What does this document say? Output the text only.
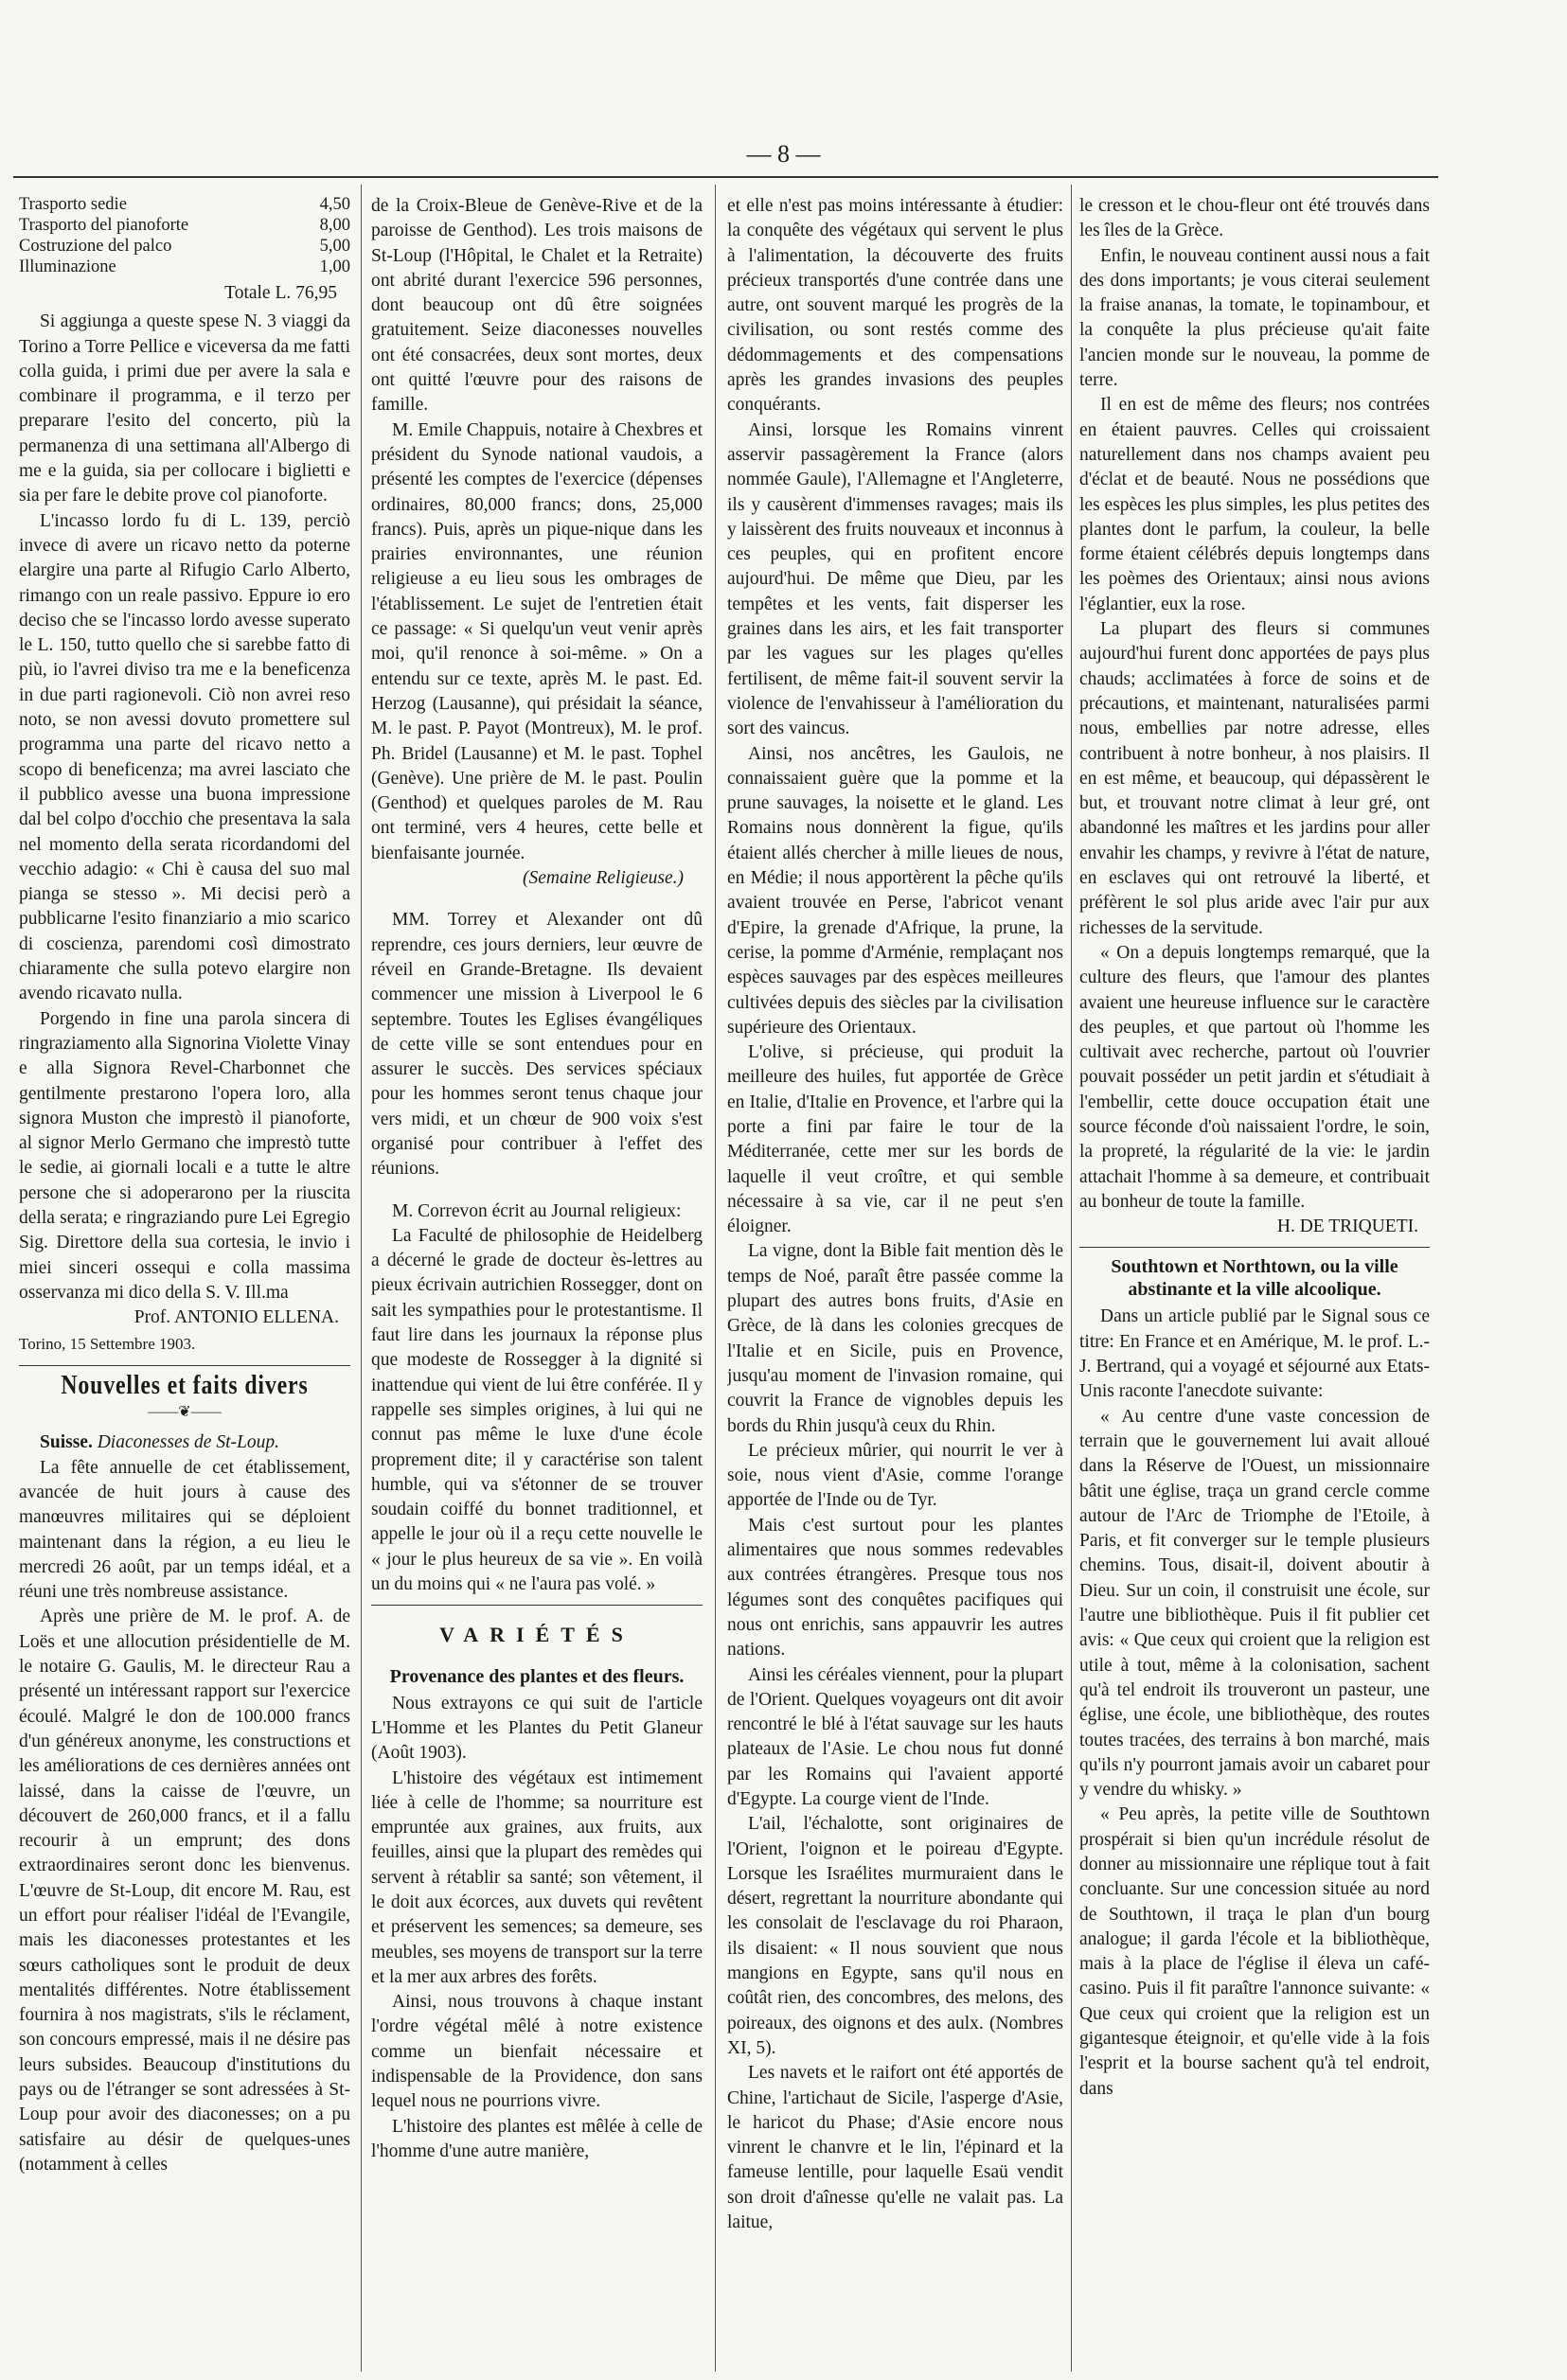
— 8 —
Trasporto sedie	4,50
Trasporto del pianoforte	8,00
Costruzione del palco	5,00
Illuminazione	1,00
Totale L. 76,95

Si aggiunga a queste spese N. 3 viaggi da Torino a Torre Pellice e viceversa da me fatti colla guida, i primi due per avere la sala e combinare il programma, e il terzo per preparare l'esito del concerto, più la permanenza di una settimana all'Albergo di me e la guida, sia per collocare i biglietti e sia per fare le debite prove col pianoforte.

L'incasso lordo fu di L. 139, perciò invece di avere un ricavo netto da poterne elargire una parte al Rifugio Carlo Alberto, rimango con un reale passivo. Eppure io ero deciso che se l'incasso lordo avesse superato le L. 150, tutto quello che si sarebbe fatto di più, io l'avrei diviso tra me e la beneficenza in due parti ragionevoli. Ciò non avrei reso noto, se non avessi dovuto promettere sul programma una parte del ricavo netto a scopo di beneficenza; ma avrei lasciato che il pubblico avesse una buona impressione dal bel colpo d'occhio che presentava la sala nel momento della serata ricordandomi del vecchio adagio: « Chi è causa del suo mal pianga se stesso ». Mi decisi però a pubblicarne l'esito finanziario a mio scarico di coscienza, parendomi così dimostrato chiaramente che sulla potevo elargire non avendo ricavato nulla.

Porgendo in fine una parola sincera di ringraziamento alla Signorina Violette Vinay e alla Signora Revel-Charbonnet che gentilmente prestarono l'opera loro, alla signora Muston che imprestò il pianoforte, al signor Merlo Germano che imprestò tutte le sedie, ai giornali locali e a tutte le altre persone che si adoperarono per la riuscita della serata; e ringraziando pure Lei Egregio Sig. Direttore della sua cortesia, le invio i miei sinceri ossequi e colla massima osservanza mi dico della S. V. Ill.ma

Prof. ANTONIO ELLENA.

Torino, 15 Settembre 1903.

Nouvelles et faits divers
——❦——

Suisse. Diaconesses de St-Loup.

La fête annuelle de cet établissement, avancée de huit jours à cause des manœuvres militaires qui se déploient maintenant dans la région, a eu lieu le mercredi 26 août, par un temps idéal, et a réuni une très nombreuse assistance.

Après une prière de M. le prof. A. de Loës et une allocution présidentielle de M. le notaire G. Gaulis, M. le directeur Rau a présenté un intéressant rapport sur l'exercice écoulé. Malgré le don de 100.000 francs d'un généreux anonyme, les constructions et les améliorations de ces dernières années ont laissé, dans la caisse de l'œuvre, un découvert de 260,000 francs, et il a fallu recourir à un emprunt; des dons extraordinaires seront donc les bienvenus. L'œuvre de St-Loup, dit encore M. Rau, est un effort pour réaliser l'idéal de l'Evangile, mais les diaconesses protestantes et les sœurs catholiques sont le produit de deux mentalités différentes. Notre établissement fournira à nos magistrats, s'ils le réclament, son concours empressé, mais il ne désire pas leurs subsides. Beaucoup d'institutions du pays ou de l'étranger se sont adressées à St-Loup pour avoir des diaconesses; on a pu satisfaire au désir de quelques-unes (notamment à celles

de la Croix-Bleue de Genève-Rive et de la paroisse de Genthod). Les trois maisons de St-Loup (l'Hôpital, le Chalet et la Retraite) ont abrité durant l'exercice 596 personnes, dont beaucoup ont dû être soignées gratuitement. Seize diaconesses nouvelles ont été consacrées, deux sont mortes, deux ont quitté l'œuvre pour des raisons de famille.

M. Emile Chappuis, notaire à Chexbres et président du Synode national vaudois, a présenté les comptes de l'exercice (dépenses ordinaires, 80,000 francs; dons, 25,000 francs). Puis, après un pique-nique dans les prairies environnantes, une réunion religieuse a eu lieu sous les ombrages de l'établissement. Le sujet de l'entretien était ce passage: « Si quelqu'un veut venir après moi, qu'il renonce à soi-même. » On a entendu sur ce texte, après M. le past. Ed. Herzog (Lausanne), qui présidait la séance, M. le past. P. Payot (Montreux), M. le prof. Ph. Bridel (Lausanne) et M. le past. Tophel (Genève). Une prière de M. le past. Poulin (Genthod) et quelques paroles de M. Rau ont terminé, vers 4 heures, cette belle et bienfaisante journée.

(Semaine Religieuse.)

MM. Torrey et Alexander ont dû reprendre, ces jours derniers, leur œuvre de réveil en Grande-Bretagne. Ils devaient commencer une mission à Liverpool le 6 septembre. Toutes les Eglises évangéliques de cette ville se sont entendues pour en assurer le succès. Des services spéciaux pour les hommes seront tenus chaque jour vers midi, et un chœur de 900 voix s'est organisé pour contribuer à l'effet des réunions.

M. Correvon écrit au Journal religieux:

La Faculté de philosophie de Heidelberg a décerné le grade de docteur ès-lettres au pieux écrivain autrichien Rossegger, dont on sait les sympathies pour le protestantisme. Il faut lire dans les journaux la réponse plus que modeste de Rossegger à la dignité si inattendue qui vient de lui être conférée. Il y rappelle ses simples origines, à lui qui ne connut pas même le luxe d'une école proprement dite; il y caractérise son talent humble, qui va s'étonner de se trouver soudain coiffé du bonnet traditionnel, et appelle le jour où il a reçu cette nouvelle le « jour le plus heureux de sa vie ». En voilà un du moins qui « ne l'aura pas volé. »

VARIÉTÉS
Provenance des plantes et des fleurs.

Nous extrayons ce qui suit de l'article L'Homme et les Plantes du Petit Glaneur (Août 1903).

L'histoire des végétaux est intimement liée à celle de l'homme; sa nourriture est empruntée aux graines, aux fruits, aux feuilles, ainsi que la plupart des remèdes qui servent à rétablir sa santé; son vêtement, il le doit aux écorces, aux duvets qui revêtent et préservent les semences; sa demeure, ses meubles, ses moyens de transport sur la terre et la mer aux arbres des forêts.

Ainsi, nous trouvons à chaque instant l'ordre végétal mêlé à notre existence comme un bienfait nécessaire et indispensable de la Providence, don sans lequel nous ne pourrions vivre.

L'histoire des plantes est mêlée à celle de l'homme d'une autre manière,

et elle n'est pas moins intéressante à étudier: la conquête des végétaux qui servent le plus à l'alimentation, la découverte des fruits précieux transportés d'une contrée dans une autre, ont souvent marqué les progrès de la civilisation, ou sont restés comme des dédommagements et des compensations après les grandes invasions des peuples conquérants.

Ainsi, lorsque les Romains vinrent asservir passagèrement la France (alors nommée Gaule), l'Allemagne et l'Angleterre, ils y causèrent d'immenses ravages; mais ils y laissèrent des fruits nouveaux et inconnus à ces peuples, qui en profitent encore aujourd'hui. De même que Dieu, par les tempêtes et les vents, fait disperser les graines dans les airs, et les fait transporter par les vagues sur les plages qu'elles fertilisent, de même fait-il souvent servir la violence de l'envahisseur à l'amélioration du sort des vaincus.

Ainsi, nos ancêtres, les Gaulois, ne connaissaient guère que la pomme et la prune sauvages, la noisette et le gland. Les Romains nous donnèrent la figue, qu'ils étaient allés chercher à mille lieues de nous, en Médie; il nous apportèrent la pêche qu'ils avaient trouvée en Perse, l'abricot venant d'Epire, la grenade d'Afrique, la prune, la cerise, la pomme d'Arménie, remplaçant nos espèces sauvages par des espèces meilleures cultivées depuis des siècles par la civilisation supérieure des Orientaux.

L'olive, si précieuse, qui produit la meilleure des huiles, fut apportée de Grèce en Italie, d'Italie en Provence, et l'arbre qui la porte a fini par faire le tour de la Méditerranée, cette mer sur les bords de laquelle il veut croître, et qui semble nécessaire à sa vie, car il ne peut s'en éloigner.

La vigne, dont la Bible fait mention dès le temps de Noé, paraît être passée comme la plupart des autres bons fruits, d'Asie en Grèce, de là dans les colonies grecques de l'Italie et en Sicile, puis en Provence, jusqu'au moment de l'invasion romaine, qui couvrit la France de vignobles depuis les bords du Rhin jusqu'à ceux du Rhin.

Le précieux mûrier, qui nourrit le ver à soie, nous vient d'Asie, comme l'orange apportée de l'Inde ou de Tyr.

Mais c'est surtout pour les plantes alimentaires que nous sommes redevables aux contrées étrangères. Presque tous nos légumes sont des conquêtes pacifiques qui nous ont enrichis, sans appauvrir les autres nations.

Ainsi les céréales viennent, pour la plupart de l'Orient. Quelques voyageurs ont dit avoir rencontré le blé à l'état sauvage sur les hauts plateaux de l'Asie. Le chou nous fut donné par les Romains qui l'avaient apporté d'Egypte. La courge vient de l'Inde.

L'ail, l'échalotte, sont originaires de l'Orient, l'oignon et le poireau d'Egypte. Lorsque les Israélites murmuraient dans le désert, regrettant la nourriture abondante qui les consolait de l'esclavage du roi Pharaon, ils disaient: « Il nous souvient que nous mangions en Egypte, sans qu'il nous en coûtât rien, des concombres, des melons, des poireaux, des oignons et des aulx. (Nombres XI, 5).

Les navets et le raifort ont été apportés de Chine, l'artichaut de Sicile, l'asperge d'Asie, le haricot du Phase; d'Asie encore nous vinrent le chanvre et le lin, l'épinard et la fameuse lentille, pour laquelle Esaü vendit son droit d'aînesse qu'elle ne valait pas. La laitue,

le cresson et le chou-fleur ont été trouvés dans les îles de la Grèce.

Enfin, le nouveau continent aussi nous a fait des dons importants; je vous citerai seulement la fraise ananas, la tomate, le topinambour, et la conquête la plus précieuse qu'ait faite l'ancien monde sur le nouveau, la pomme de terre.

Il en est de même des fleurs; nos contrées en étaient pauvres. Celles qui croissaient naturellement dans nos champs avaient peu d'éclat et de beauté. Nous ne possédions que les espèces les plus simples, les plus petites des plantes dont le parfum, la couleur, la belle forme étaient célébrés depuis longtemps dans les poèmes des Orientaux; ainsi nous avions l'églantier, eux la rose.

La plupart des fleurs si communes aujourd'hui furent donc apportées de pays plus chauds; acclimatées à force de soins et de précautions, et maintenant, naturalisées parmi nous, embellies par notre adresse, elles contribuent à notre bonheur, à nos plaisirs. Il en est même, et beaucoup, qui dépassèrent le but, et trouvant notre climat à leur gré, ont abandonné les maîtres et les jardins pour aller envahir les champs, y revivre à l'état de nature, en esclaves qui ont retrouvé la liberté, et préfèrent le sol plus aride avec l'air pur aux richesses de la servitude.

« On a depuis longtemps remarqué, que la culture des fleurs, que l'amour des plantes avaient une heureuse influence sur le caractère des peuples, et que partout où l'homme les cultivait avec recherche, partout où l'ouvrier pouvait posséder un petit jardin et s'étudiait à l'embellir, cette douce occupation était une source féconde d'où naissaient l'ordre, le soin, la propreté, la régularité de la vie: le jardin attachait l'homme à sa demeure, et contribuait au bonheur de toute la famille.

H. DE TRIQUETI.
Southtown et Northtown, ou la ville abstinante et la ville alcoolique.

Dans un article publié par le Signal sous ce titre: En France et en Amérique, M. le prof. L.-J. Bertrand, qui a voyagé et séjourné aux Etats-Unis raconte l'anecdote suivante:

« Au centre d'une vaste concession de terrain que le gouvernement lui avait alloué dans la Réserve de l'Ouest, un missionnaire bâtit une église, traça un grand cercle comme autour de l'Arc de Triomphe de l'Etoile, à Paris, et fit converger sur le temple plusieurs chemins. Tous, disait-il, doivent aboutir à Dieu. Sur un coin, il construisit une école, sur l'autre une bibliothèque. Puis il fit publier cet avis: « Que ceux qui croient que la religion est utile à tout, même à la colonisation, sachent qu'à tel endroit ils trouveront un pasteur, une église, une école, une bibliothèque, des routes toutes tracées, des terrains à bon marché, mais qu'ils n'y pourront jamais avoir un cabaret pour y vendre du whisky. »

« Peu après, la petite ville de Southtown prospérait si bien qu'un incrédule résolut de donner au missionnaire une réplique tout à fait concluante. Sur une concession située au nord de Southtown, il traça le plan d'un bourg analogue; il garda l'école et la bibliothèque, mais à la place de l'église il éleva un café-casino. Puis il fit paraître l'annonce suivante: « Que ceux qui croient que la religion est un gigantesque éteignoir, et qu'elle vide à la fois l'esprit et la bourse sachent qu'à tel endroit, dans
